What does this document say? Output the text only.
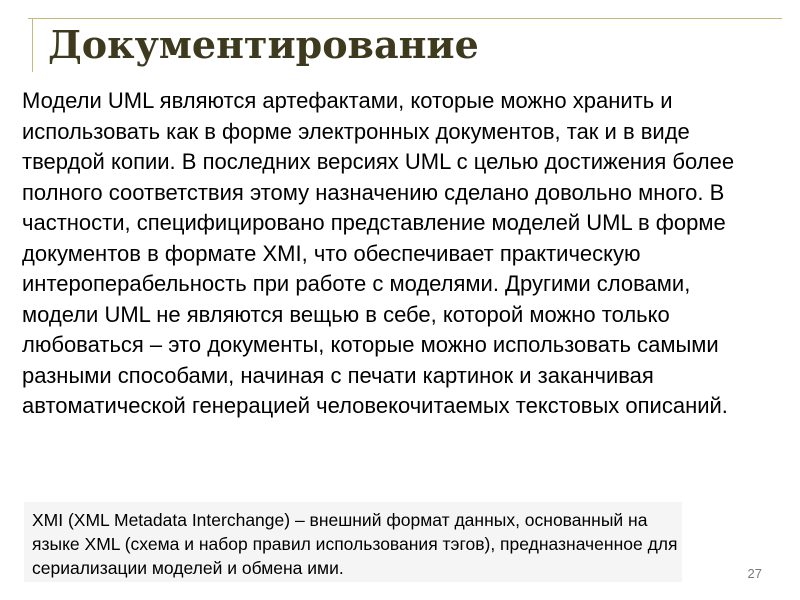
Документирование

Модели UML являются артефактами, которые можно хранить и использовать как в форме электронных документов, так и в виде твердой копии. В последних версиях UML с целью достижения более полного соответствия этому назначению сделано довольно много. В частности, специфицировано представление моделей UML в форме документов в формате XMI, что обеспечивает практическую интероперабельность при работе с моделями. Другими словами, модели UML не являются вещью в себе, которой можно только любоваться – это документы, которые можно использовать самыми разными способами, начиная с печати картинок и заканчивая автоматической генерацией человекочитаемых текстовых описаний.

XMI (XML Metadata Interchange) – внешний формат данных, основанный на языке XML (схема и набор правил использования тэгов), предназначенное для сериализации моделей и обмена ими.	27
